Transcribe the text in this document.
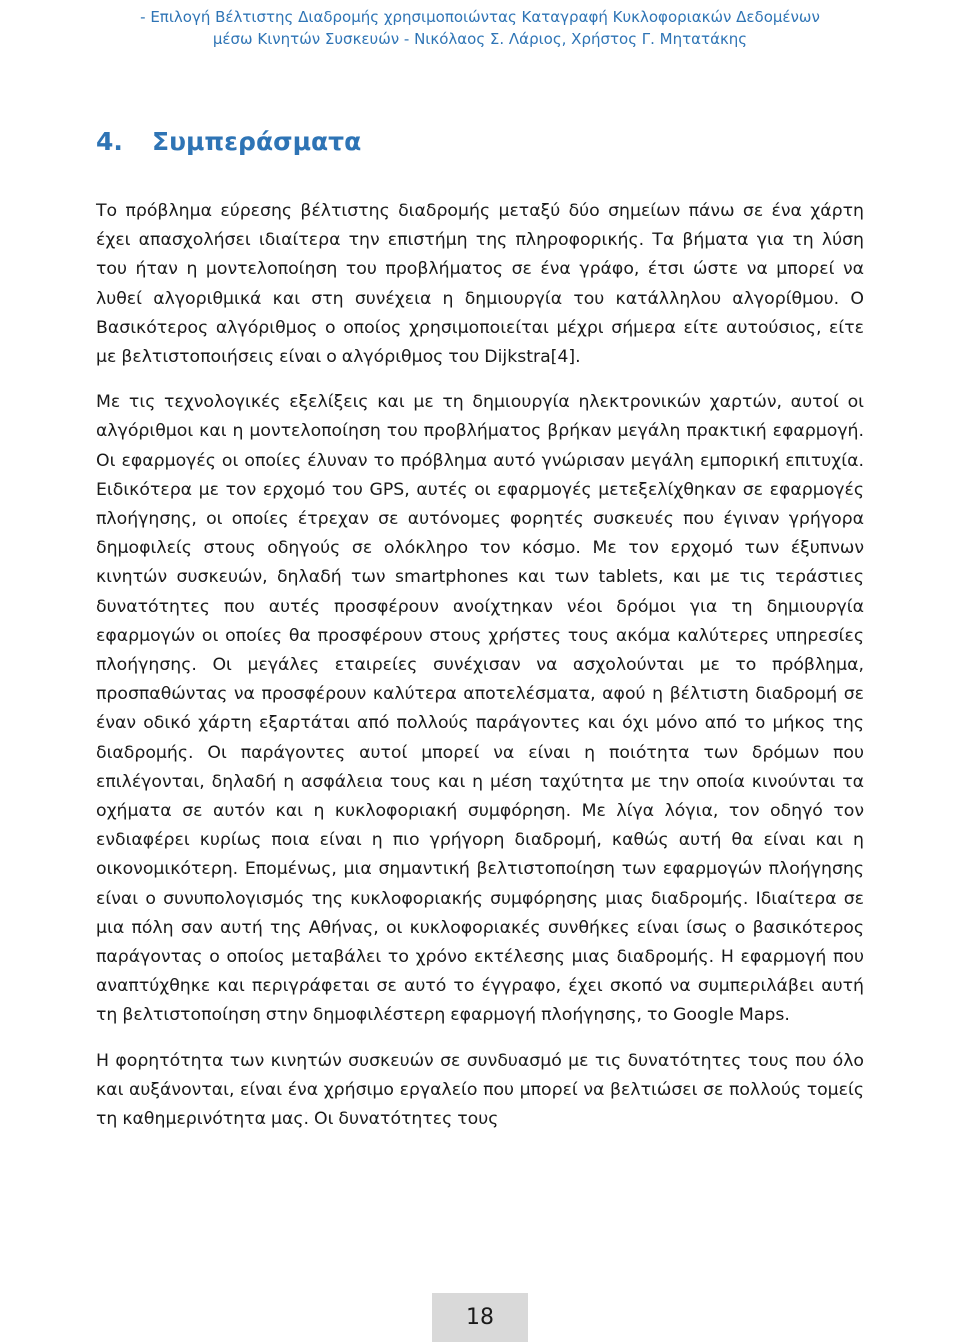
- Επιλογή Βέλτιστης Διαδρομής χρησιμοποιώντας Καταγραφή Κυκλοφοριακών Δεδομένων
μέσω Κινητών Συσκευών - Νικόλαος Σ. Λάριος, Χρήστος Γ. Μητατάκης
4. Συμπεράσματα

Το πρόβλημα εύρεσης βέλτιστης διαδρομής μεταξύ δύο σημείων πάνω σε ένα χάρτη έχει απασχολήσει ιδιαίτερα την επιστήμη της πληροφορικής. Τα βήματα για τη λύση του ήταν η μοντελοποίηση του προβλήματος σε ένα γράφο, έτσι ώστε να μπορεί να λυθεί αλγοριθμικά και στη συνέχεια η δημιουργία του κατάλληλου αλγορίθμου. Ο Βασικότερος αλγόριθμος ο οποίος χρησιμοποιείται μέχρι σήμερα είτε αυτούσιος, είτε με βελτιστοποιήσεις είναι ο αλγόριθμος του Dijkstra[4].

Με τις τεχνολογικές εξελίξεις και με τη δημιουργία ηλεκτρονικών χαρτών, αυτοί οι αλγόριθμοι και η μοντελοποίηση του προβλήματος βρήκαν μεγάλη πρακτική εφαρμογή. Οι εφαρμογές οι οποίες έλυναν το πρόβλημα αυτό γνώρισαν μεγάλη εμπορική επιτυχία. Ειδικότερα με τον ερχομό του GPS, αυτές οι εφαρμογές μετεξελίχθηκαν σε εφαρμογές πλοήγησης, οι οποίες έτρεχαν σε αυτόνομες φορητές συσκευές που έγιναν γρήγορα δημοφιλείς στους οδηγούς σε ολόκληρο τον κόσμο. Με τον ερχομό των έξυπνων κινητών συσκευών, δηλαδή των smartphones και των tablets, και με τις τεράστιες δυνατότητες που αυτές προσφέρουν ανοίχτηκαν νέοι δρόμοι για τη δημιουργία εφαρμογών οι οποίες θα προσφέρουν στους χρήστες τους ακόμα καλύτερες υπηρεσίες πλοήγησης. Οι μεγάλες εταιρείες συνέχισαν να ασχολούνται με το πρόβλημα, προσπαθώντας να προσφέρουν καλύτερα αποτελέσματα, αφού η βέλτιστη διαδρομή σε έναν οδικό χάρτη εξαρτάται από πολλούς παράγοντες και όχι μόνο από το μήκος της διαδρομής. Οι παράγοντες αυτοί μπορεί να είναι η ποιότητα των δρόμων που επιλέγονται, δηλαδή η ασφάλεια τους και η μέση ταχύτητα με την οποία κινούνται τα οχήματα σε αυτόν και η κυκλοφοριακή συμφόρηση. Με λίγα λόγια, τον οδηγό τον ενδιαφέρει κυρίως ποια είναι η πιο γρήγορη διαδρομή, καθώς αυτή θα είναι και η οικονομικότερη. Επομένως, μια σημαντική βελτιστοποίηση των εφαρμογών πλοήγησης είναι ο συνυπολογισμός της κυκλοφοριακής συμφόρησης μιας διαδρομής. Ιδιαίτερα σε μια πόλη σαν αυτή της Αθήνας, οι κυκλοφοριακές συνθήκες είναι ίσως ο βασικότερος παράγοντας ο οποίος μεταβάλει το χρόνο εκτέλεσης μιας διαδρομής. Η εφαρμογή που αναπτύχθηκε και περιγράφεται σε αυτό το έγγραφο, έχει σκοπό να συμπεριλάβει αυτή τη βελτιστοποίηση στην δημοφιλέστερη εφαρμογή πλοήγησης, το Google Maps.

Η φορητότητα των κινητών συσκευών σε συνδυασμό με τις δυνατότητες τους που όλο και αυξάνονται, είναι ένα χρήσιμο εργαλείο που μπορεί να βελτιώσει σε πολλούς τομείς τη καθημερινότητα μας. Οι δυνατότητες τους

18
